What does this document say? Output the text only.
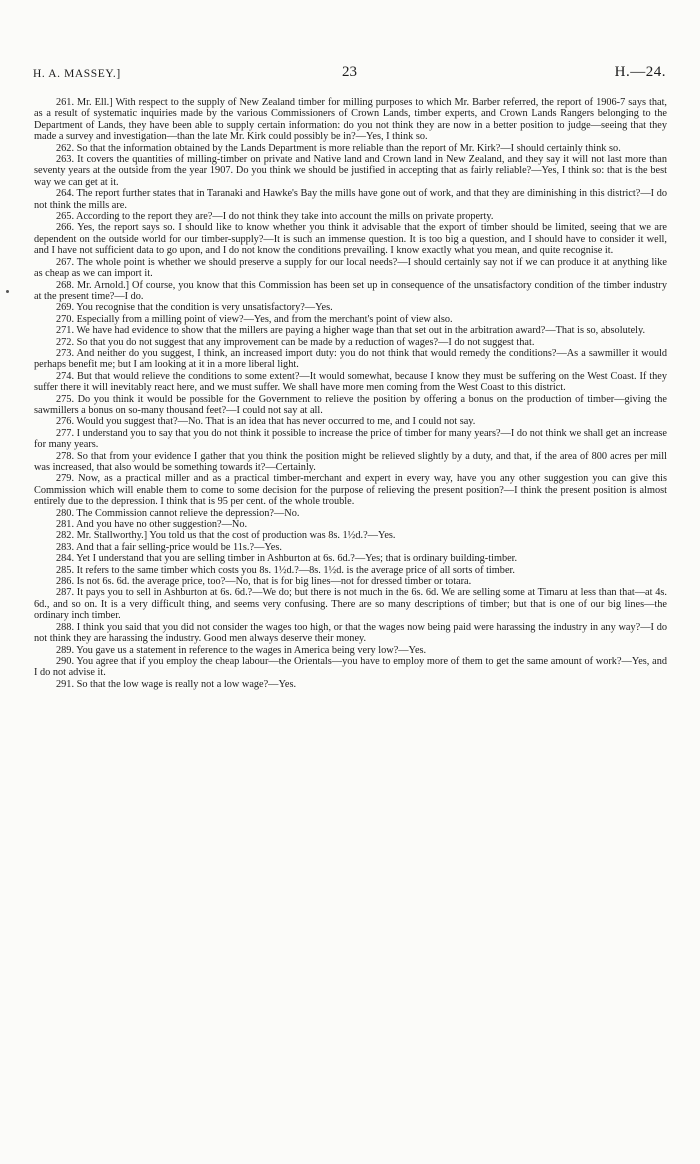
H. A. MASSEY.]	23	H.—24.

261. Mr. Ell.] With respect to the supply of New Zealand timber for milling purposes to which Mr. Barber referred, the report of 1906-7 says that, as a result of systematic inquiries made by the various Commissioners of Crown Lands, timber experts, and Crown Lands Rangers belonging to the Department of Lands, they have been able to supply certain information: do you not think they are now in a better position to judge—seeing that they made a survey and investigation—than the late Mr. Kirk could possibly be in?—Yes, I think so.

262. So that the information obtained by the Lands Department is more reliable than the report of Mr. Kirk?—I should certainly think so.

263. It covers the quantities of milling-timber on private and Native land and Crown land in New Zealand, and they say it will not last more than seventy years at the outside from the year 1907. Do you think we should be justified in accepting that as fairly reliable?—Yes, I think so: that is the best way we can get at it.

264. The report further states that in Taranaki and Hawke's Bay the mills have gone out of work, and that they are diminishing in this district?—I do not think the mills are.

265. According to the report they are?—I do not think they take into account the mills on private property.

266. Yes, the report says so. I should like to know whether you think it advisable that the export of timber should be limited, seeing that we are dependent on the outside world for our timber-supply?—It is such an immense question. It is too big a question, and I should have to consider it well, and I have not sufficient data to go upon, and I do not know the conditions prevailing. I know exactly what you mean, and quite recognise it.

267. The whole point is whether we should preserve a supply for our local needs?—I should certainly say not if we can produce it at anything like as cheap as we can import it.

268. Mr. Arnold.] Of course, you know that this Commission has been set up in consequence of the unsatisfactory condition of the timber industry at the present time?—I do.

269. You recognise that the condition is very unsatisfactory?—Yes.

270. Especially from a milling point of view?—Yes, and from the merchant's point of view also.

271. We have had evidence to show that the millers are paying a higher wage than that set out in the arbitration award?—That is so, absolutely.

272. So that you do not suggest that any improvement can be made by a reduction of wages?—I do not suggest that.

273. And neither do you suggest, I think, an increased import duty: you do not think that would remedy the conditions?—As a sawmiller it would perhaps benefit me; but I am looking at it in a more liberal light.

274. But that would relieve the conditions to some extent?—It would somewhat, because I know they must be suffering on the West Coast. If they suffer there it will inevitably react here, and we must suffer. We shall have more men coming from the West Coast to this district.

275. Do you think it would be possible for the Government to relieve the position by offering a bonus on the production of timber—giving the sawmillers a bonus on so-many thousand feet?—I could not say at all.

276. Would you suggest that?—No. That is an idea that has never occurred to me, and I could not say.

277. I understand you to say that you do not think it possible to increase the price of timber for many years?—I do not think we shall get an increase for many years.

278. So that from your evidence I gather that you think the position might be relieved slightly by a duty, and that, if the area of 800 acres per mill was increased, that also would be something towards it?—Certainly.

279. Now, as a practical miller and as a practical timber-merchant and expert in every way, have you any other suggestion you can give this Commission which will enable them to come to some decision for the purpose of relieving the present position?—I think the present position is almost entirely due to the depression. I think that is 95 per cent. of the whole trouble.

280. The Commission cannot relieve the depression?—No.

281. And you have no other suggestion?—No.

282. Mr. Stallworthy.] You told us that the cost of production was 8s. 1½d.?—Yes.

283. And that a fair selling-price would be 11s.?—Yes.

284. Yet I understand that you are selling timber in Ashburton at 6s. 6d.?—Yes; that is ordinary building-timber.

285. It refers to the same timber which costs you 8s. 1½d.?—8s. 1½d. is the average price of all sorts of timber.

286. Is not 6s. 6d. the average price, too?—No, that is for big lines—not for dressed timber or totara.

287. It pays you to sell in Ashburton at 6s. 6d.?—We do; but there is not much in the 6s. 6d. We are selling some at Timaru at less than that—at 4s. 6d., and so on. It is a very difficult thing, and seems very confusing. There are so many descriptions of timber; but that is one of our big lines—the ordinary inch timber.

288. I think you said that you did not consider the wages too high, or that the wages now being paid were harassing the industry in any way?—I do not think they are harassing the industry. Good men always deserve their money.

289. You gave us a statement in reference to the wages in America being very low?—Yes.

290. You agree that if you employ the cheap labour—the Orientals—you have to employ more of them to get the same amount of work?—Yes, and I do not advise it.

291. So that the low wage is really not a low wage?—Yes.
